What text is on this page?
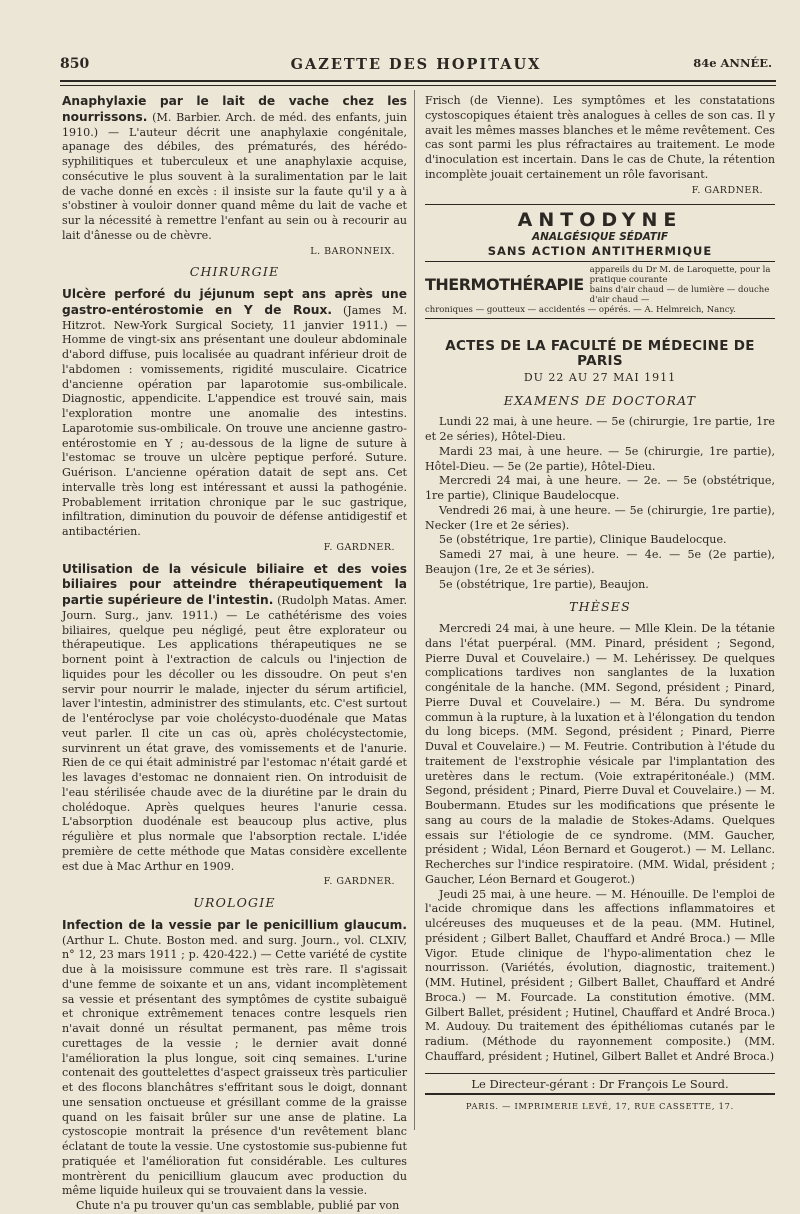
850	GAZETTE DES HOPITAUX	84e ANNÉE.

Anaphylaxie par le lait de vache chez les nourrissons. (M. Barbier. Arch. de méd. des enfants, juin 1910.) — L'auteur décrit une anaphylaxie congénitale, apanage des débiles, des prématurés, des hérédo-syphilitiques et tuberculeux et une anaphylaxie acquise, consécutive le plus souvent à la suralimentation par le lait de vache donné en excès : il insiste sur la faute qu'il y a à s'obstiner à vouloir donner quand même du lait de vache et sur la nécessité à remettre l'enfant au sein ou à recourir au lait d'ânesse ou de chèvre.

L. BARONNEIX.
CHIRURGIE

Ulcère perforé du jéjunum sept ans après une gastro-entérostomie en Y de Roux. (James M. Hitzrot. New-York Surgical Society, 11 janvier 1911.) — Homme de vingt-six ans présentant une douleur abdominale d'abord diffuse, puis localisée au quadrant inférieur droit de l'abdomen : vomissements, rigidité musculaire. Cicatrice d'ancienne opération par laparotomie sus-ombilicale. Diagnostic, appendicite. L'appendice est trouvé sain, mais l'exploration montre une anomalie des intestins. Laparotomie sus-ombilicale. On trouve une ancienne gastro-entérostomie en Y ; au-dessous de la ligne de suture à l'estomac se trouve un ulcère peptique perforé. Suture. Guérison. L'ancienne opération datait de sept ans. Cet intervalle très long est intéressant et aussi la pathogénie. Probablement irritation chronique par le suc gastrique, infiltration, diminution du pouvoir de défense antidigestif et antibactérien.

F. GARDNER.

Utilisation de la vésicule biliaire et des voies biliaires pour atteindre thérapeutiquement la partie supérieure de l'intestin. (Rudolph Matas. Amer. Journ. Surg., janv. 1911.) — Le cathétérisme des voies biliaires, quelque peu négligé, peut être explorateur ou thérapeutique. Les applications thérapeutiques ne se bornent point à l'extraction de calculs ou l'injection de liquides pour les décoller ou les dissoudre. On peut s'en servir pour nourrir le malade, injecter du sérum artificiel, laver l'intestin, administrer des stimulants, etc. C'est surtout de l'entéroclyse par voie cholécysto-duodénale que Matas veut parler. Il cite un cas où, après cholécystectomie, survinrent un état grave, des vomissements et de l'anurie. Rien de ce qui était administré par l'estomac n'était gardé et les lavages d'estomac ne donnaient rien. On introduisit de l'eau stérilisée chaude avec de la diurétine par le drain du cholédoque. Après quelques heures l'anurie cessa. L'absorption duodénale est beaucoup plus active, plus régulière et plus normale que l'absorption rectale. L'idée première de cette méthode que Matas considère excellente est due à Mac Arthur en 1909.

F. GARDNER.
UROLOGIE

Infection de la vessie par le penicillium glaucum. (Arthur L. Chute. Boston med. and surg. Journ., vol. CLXIV, n° 12, 23 mars 1911 ; p. 420-422.) — Cette variété de cystite due à la moisissure commune est très rare. Il s'agissait d'une femme de soixante et un ans, vidant incomplètement sa vessie et présentant des symptômes de cystite subaiguë et chronique extrêmement tenaces contre lesquels rien n'avait donné un résultat permanent, pas même trois curettages de la vessie ; le dernier avait donné l'amélioration la plus longue, soit cinq semaines. L'urine contenait des gouttelettes d'aspect graisseux très particulier et des flocons blanchâtres s'effritant sous le doigt, donnant une sensation onctueuse et grésillant comme de la graisse quand on les faisait brûler sur une anse de platine. La cystoscopie montrait la présence d'un revêtement blanc éclatant de toute la vessie. Une cystostomie sus-pubienne fut pratiquée et l'amélioration fut considérable. Les cultures montrèrent du penicillium glaucum avec production du même liquide huileux qui se trouvaient dans la vessie.

Chute n'a pu trouver qu'un cas semblable, publié par von

Frisch (de Vienne). Les symptômes et les constatations cystoscopiques étaient très analogues à celles de son cas. Il y avait les mêmes masses blanches et le même revêtement. Ces cas sont parmi les plus réfractaires au traitement. Le mode d'inoculation est incertain. Dans le cas de Chute, la rétention incomplète jouait certainement un rôle favorisant.

F. GARDNER.
ANTODYNE
ANALGÉSIQUE SÉDATIF
SANS ACTION ANTITHERMIQUE
THERMOTHÉRAPIE
appareils du Dr M. de Laroquette, pour la pratique courante
bains d'air chaud — de lumière — douche d'air chaud —
chroniques — goutteux — accidentés — opérés. — A. Helmreich, Nancy.
ACTES DE LA FACULTÉ DE MÉDECINE DE PARIS
DU 22 AU 27 MAI 1911
EXAMENS DE DOCTORAT

Lundi 22 mai, à une heure. — 5e (chirurgie, 1re partie, 1re et 2e séries), Hôtel-Dieu.

Mardi 23 mai, à une heure. — 5e (chirurgie, 1re partie), Hôtel-Dieu. — 5e (2e partie), Hôtel-Dieu.

Mercredi 24 mai, à une heure. — 2e. — 5e (obstétrique, 1re partie), Clinique Baudelocque.

Vendredi 26 mai, à une heure. — 5e (chirurgie, 1re partie), Necker (1re et 2e séries).

5e (obstétrique, 1re partie), Clinique Baudelocque.

Samedi 27 mai, à une heure. — 4e. — 5e (2e partie), Beaujon (1re, 2e et 3e séries).

5e (obstétrique, 1re partie), Beaujon.

THÈSES

Mercredi 24 mai, à une heure. — Mlle Klein. De la tétanie dans l'état puerpéral. (MM. Pinard, président ; Segond, Pierre Duval et Couvelaire.) — M. Lehérissey. De quelques complications tardives non sanglantes de la luxation congénitale de la hanche. (MM. Segond, président ; Pinard, Pierre Duval et Couvelaire.) — M. Béra. Du syndrome commun à la rupture, à la luxation et à l'élongation du tendon du long biceps. (MM. Segond, président ; Pinard, Pierre Duval et Couvelaire.) — M. Feutrie. Contribution à l'étude du traitement de l'exstrophie vésicale par l'implantation des uretères dans le rectum. (Voie extrapéritonéale.) (MM. Segond, président ; Pinard, Pierre Duval et Couvelaire.) — M. Boubermann. Etudes sur les modifications que présente le sang au cours de la maladie de Stokes-Adams. Quelques essais sur l'étiologie de ce syndrome. (MM. Gaucher, président ; Widal, Léon Bernard et Gougerot.) — M. Lellanc. Recherches sur l'indice respiratoire. (MM. Widal, président ; Gaucher, Léon Bernard et Gougerot.)

Jeudi 25 mai, à une heure. — M. Hénouille. De l'emploi de l'acide chromique dans les affections inflammatoires et ulcéreuses des muqueuses et de la peau. (MM. Hutinel, président ; Gilbert Ballet, Chauffard et André Broca.) — Mlle Vigor. Etude clinique de l'hypo-alimentation chez le nourrisson. (Variétés, évolution, diagnostic, traitement.) (MM. Hutinel, président ; Gilbert Ballet, Chauffard et André Broca.) — M. Fourcade. La constitution émotive. (MM. Gilbert Ballet, président ; Hutinel, Chauffard et André Broca.) M. Audouy. Du traitement des épithéliomas cutanés par le radium. (Méthode du rayonnement composite.) (MM. Chauffard, président ; Hutinel, Gilbert Ballet et André Broca.)

Le Directeur-gérant : Dr François Le Sourd.
PARIS. — IMPRIMERIE LEVÉ, 17, RUE CASSETTE, 17.
